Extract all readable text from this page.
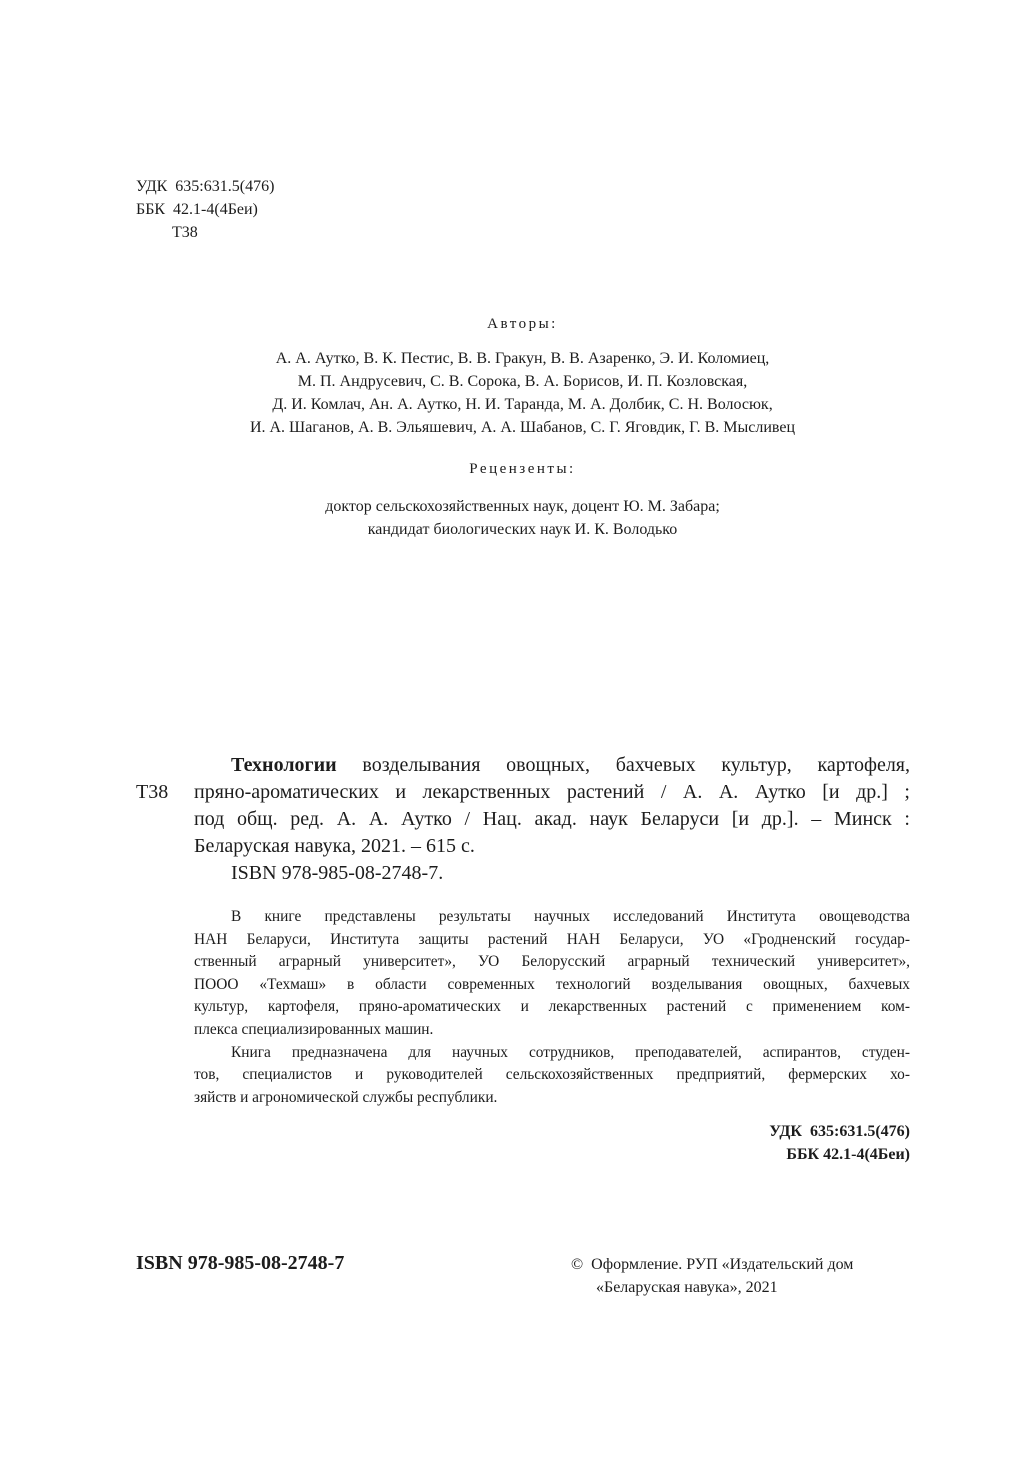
УДК  635:631.5(476)
ББК  42.1-4(4Беи)
Т38
Авторы:
А. А. Аутко, В. К. Пестис, В. В. Гракун, В. В. Азаренко, Э. И. Коломиец,
М. П. Андрусевич, С. В. Сорока, В. А. Борисов, И. П. Козловская,
Д. И. Комлач, Ан. А. Аутко, Н. И. Таранда, М. А. Долбик, С. Н. Волосюк,
И. А. Шаганов, А. В. Эльяшевич, А. А. Шабанов, С. Г. Яговдик, Г. В. Мысливец
Рецензенты:
доктор сельскохозяйственных наук, доцент Ю. М. Забара;
кандидат биологических наук И. К. Володько
Т38
Технологии возделывания овощных, бахчевых культур, картофеля,
пряно-ароматических и лекарственных растений / А. А. Аутко [и др.] ;
под общ. ред. А. А. Аутко / Нац. акад. наук Беларуси [и др.]. – Минск :
Беларуская навука, 2021. – 615 с.
ISBN 978-985-08-2748-7.
В книге представлены результаты научных исследований Института овощеводства
НАН Беларуси, Института защиты растений НАН Беларуси, УО «Гродненский государ-
ственный аграрный университет», УО Белорусский аграрный технический университет»,
ПООО «Техмаш» в области современных технологий возделывания овощных, бахчевых
культур, картофеля, пряно-ароматических и лекарственных растений с применением ком-
плекса специализированных машин.
Книга предназначена для научных сотрудников, преподавателей, аспирантов, студен-
тов, специалистов и руководителей сельскохозяйственных предприятий, фермерских хо-
зяйств и агрономической службы республики.
УДК  635:631.5(476)
ББК 42.1-4(4Беи)
ISBN 978-985-08-2748-7	©  Оформление. РУП «Издательский дом
«Беларуская навука», 2021
